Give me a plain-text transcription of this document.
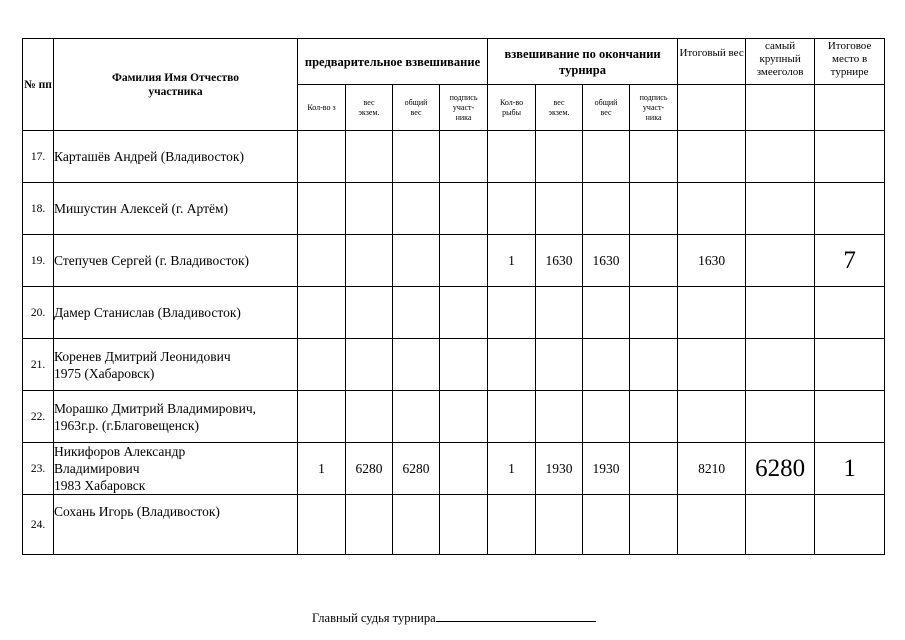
№ пп	Фамилия Имя Отчество
участника	предварительное взвешивание				взвешивание по окончании турнира				Итоговый вес	самый
крупный
змееголов	Итоговое
место в
турнире

		Кол-во з	вес
экзем.	общий
вес	подпись
участ-
ника	Кол-во
рыбы	вес
экзем.	общий
вес	подпись
участ-
ника			

17.	Карташёв Андрей (Владивосток)											

18.	Мишустин Алексей (г. Артём)											

19.	Степучев Сергей (г. Владивосток)					1	1630	1630		1630		7
20.	Дамер Станислав (Владивосток)											

21.	Коренев Дмитрий Леонидович
1975 (Хабаровск)											

22.	Морашко Дмитрий Владимирович,
1963г.р. (г.Благовещенск)											

23.	Никифоров Александр
Владимирович
1983 Хабаровск	1	6280	6280		1	1930	1930		8210	6280	1
24.	Сохань Игорь (Владивосток)											

Главный судья турнира
